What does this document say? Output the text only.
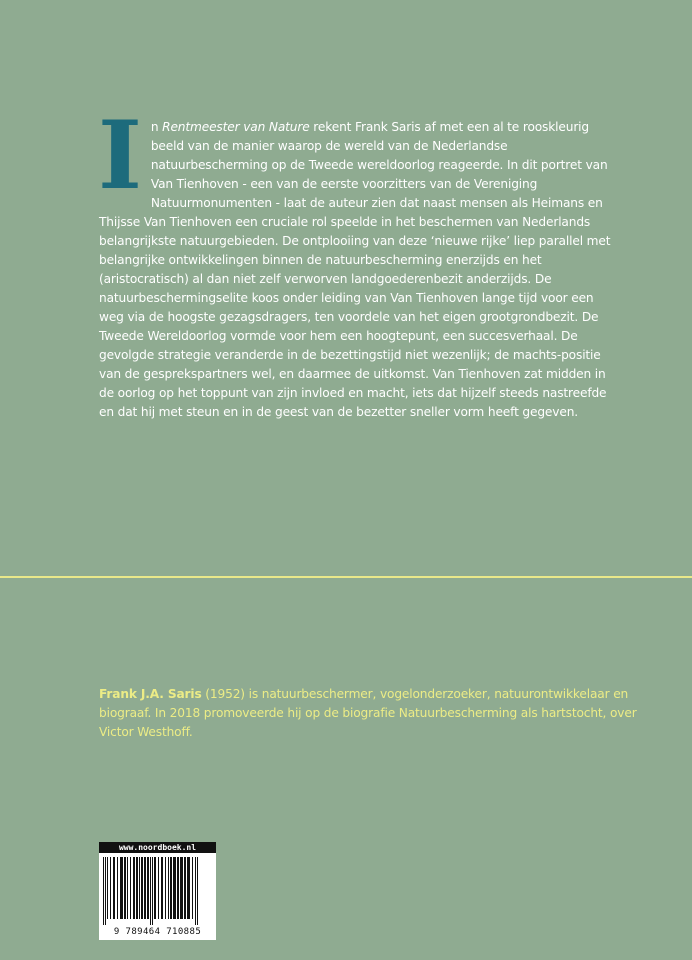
In Rentmeester van Nature rekent Frank Saris af met een al te rooskleurig beeld van de manier waarop de wereld van de Nederlandse natuurbescherming op de Tweede wereldoorlog reageerde. In dit portret van Van Tienhoven - een van de eerste voorzitters van de Vereniging Natuurmonumenten - laat de auteur zien dat naast mensen als Heimans en Thijsse Van Tienhoven een cruciale rol speelde in het beschermen van Nederlands belangrijkste natuurgebieden. De ontplooiing van deze ‘nieuwe rijke’ liep parallel met belangrijke ontwikkelingen binnen de natuurbescherming enerzijds en het (aristocratisch) al dan niet zelf verworven landgoederenbezit anderzijds. De natuurbeschermingselite koos onder leiding van Van Tienhoven lange tijd voor een weg via de hoogste gezagsdragers, ten voordele van het eigen grootgrondbezit. De Tweede Wereldoorlog vormde voor hem een hoogtepunt, een succesverhaal. De gevolgde strategie veranderde in de bezettingstijd niet wezenlijk; de machts-positie van de gesprekspartners wel, en daarmee de uitkomst. Van Tienhoven zat midden in de oorlog op het toppunt van zijn invloed en macht, iets dat hijzelf steeds nastreefde en dat hij met steun en in de geest van de bezetter sneller vorm heeft gegeven.
Frank J.A. Saris (1952) is natuurbeschermer, vogelonderzoeker, natuurontwikkelaar en biograaf. In 2018 promoveerde hij op de biografie Natuurbescherming als hartstocht, over Victor Westhoff.
www.noordboek.nl
9 789464 710885
